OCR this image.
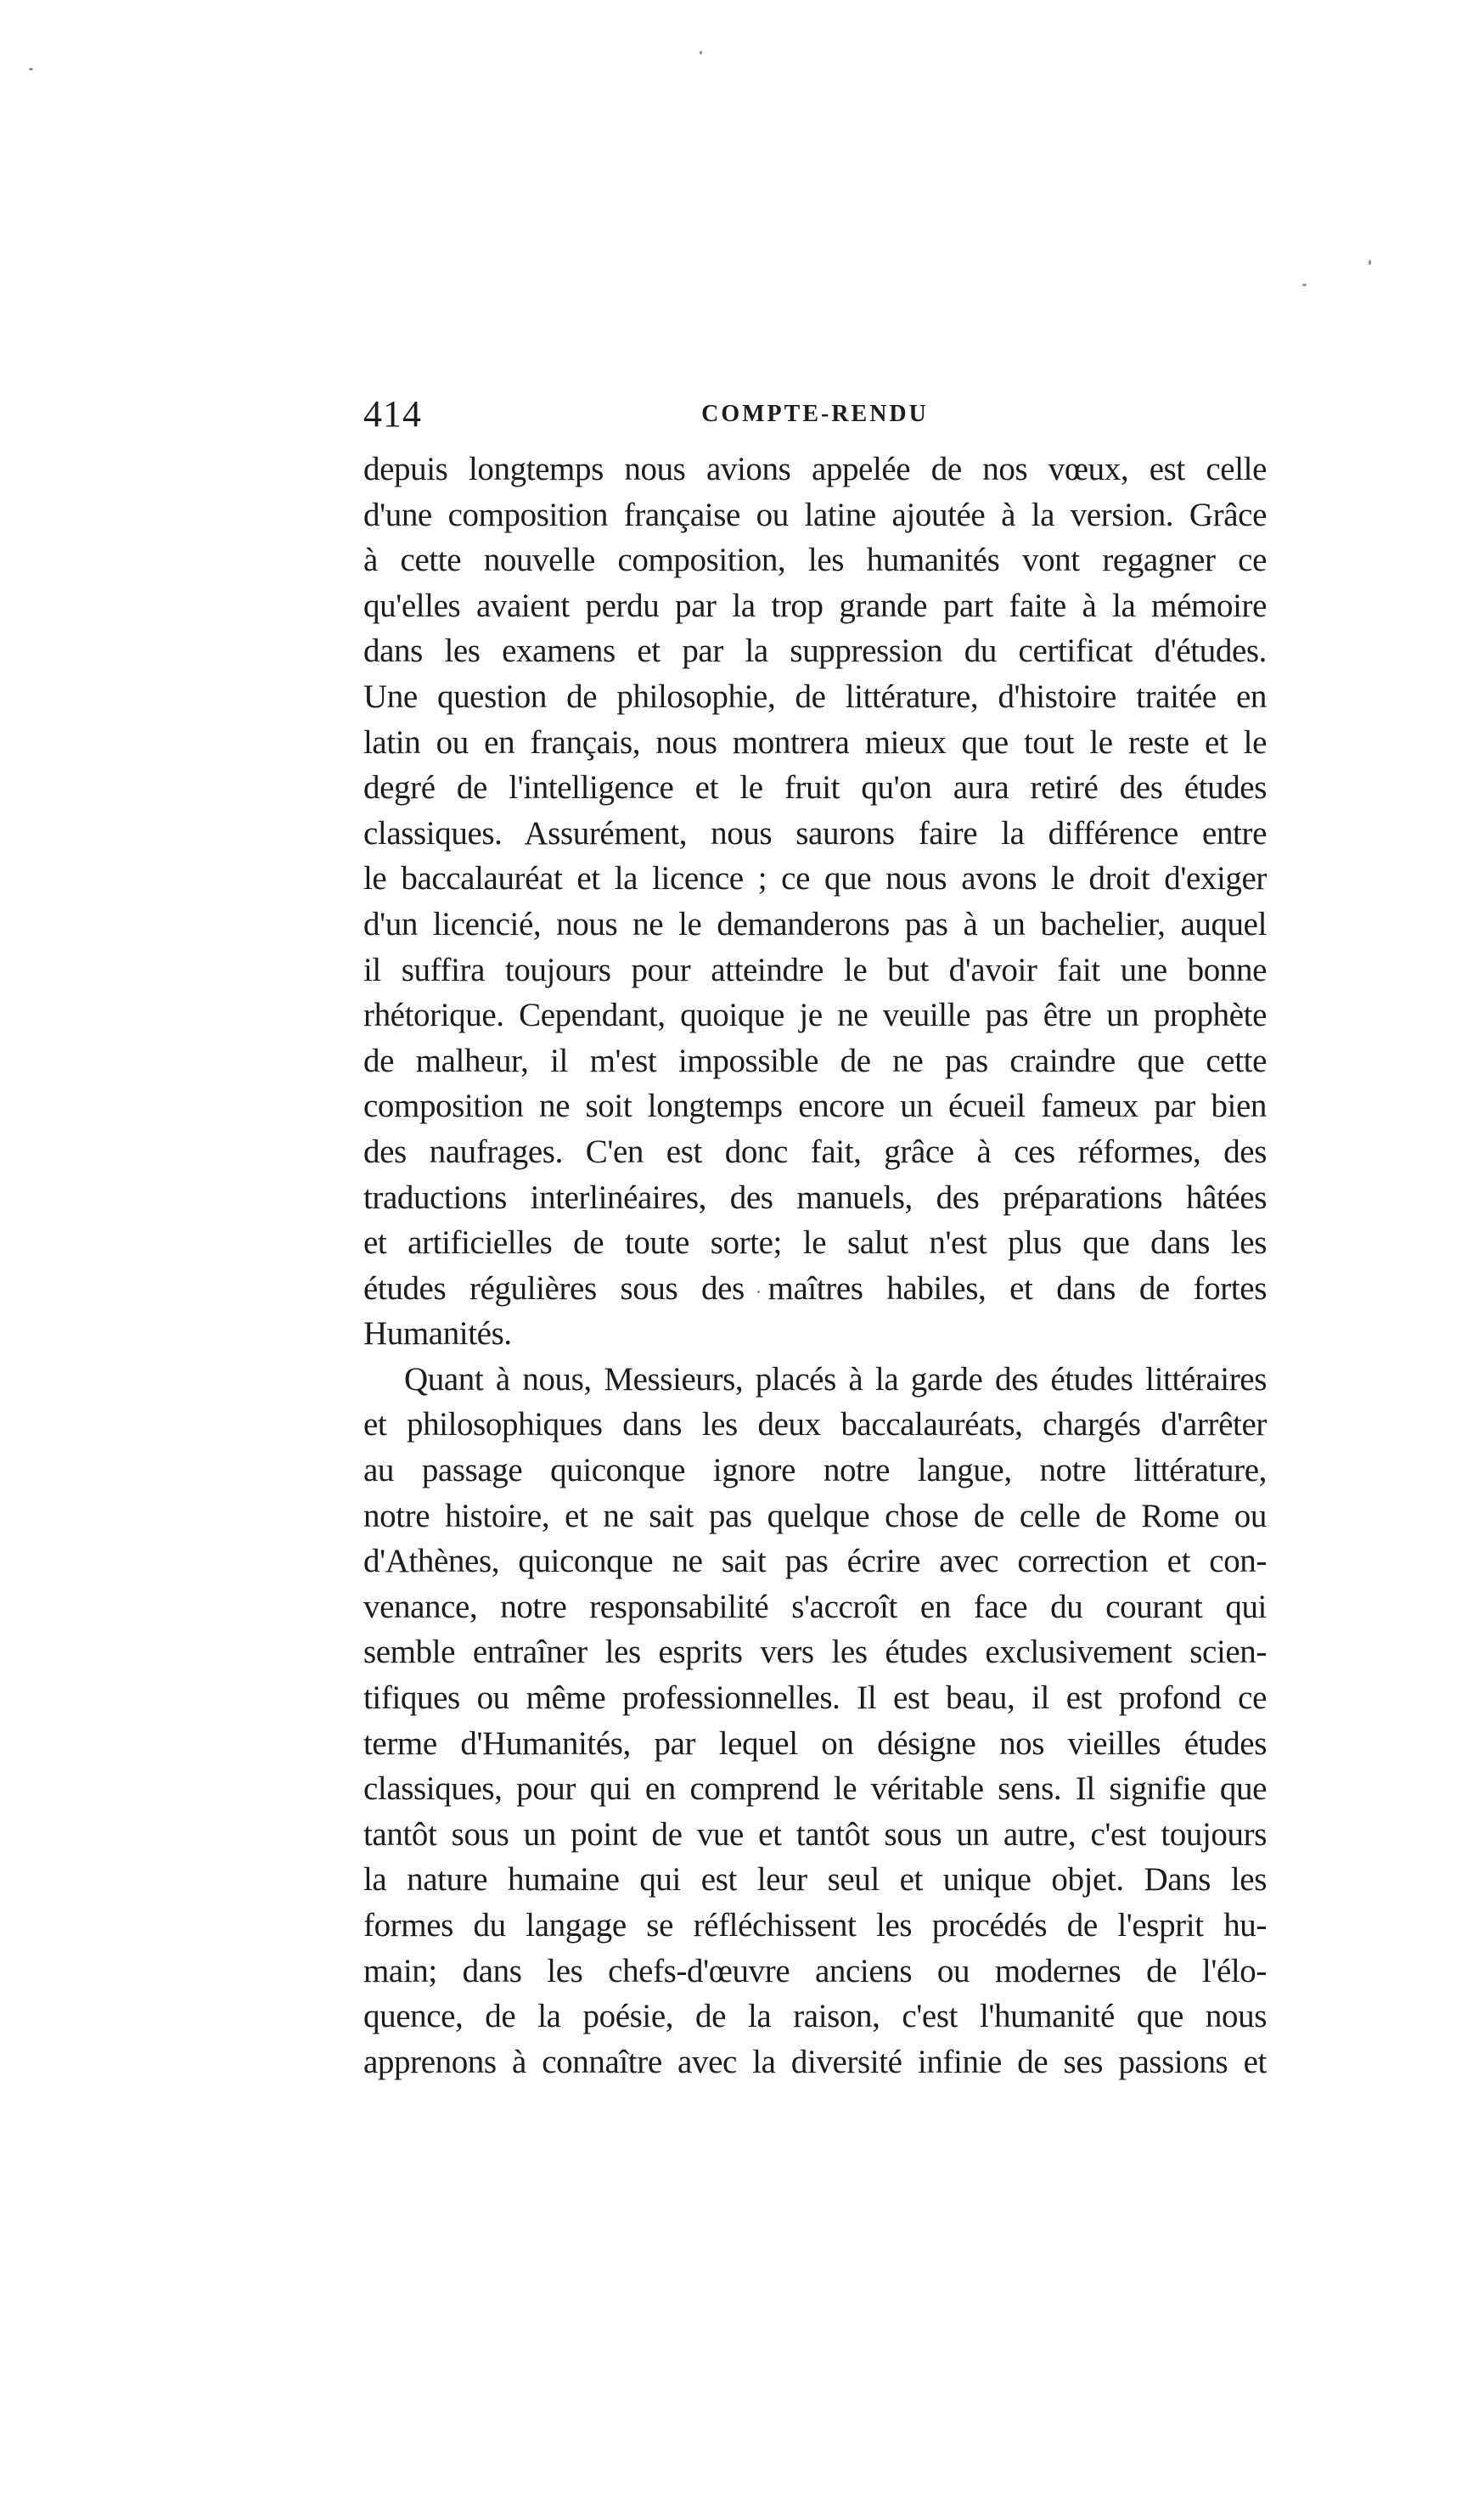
414	COMPTE-RENDU
depuis longtemps nous avions appelée de nos vœux, est celle
d'une composition française ou latine ajoutée à la version. Grâce
à cette nouvelle composition, les humanités vont regagner ce
qu'elles avaient perdu par la trop grande part faite à la mémoire
dans les examens et par la suppression du certificat d'études.
Une question de philosophie, de littérature, d'histoire traitée en
latin ou en français, nous montrera mieux que tout le reste et le
degré de l'intelligence et le fruit qu'on aura retiré des études
classiques. Assurément, nous saurons faire la différence entre
le baccalauréat et la licence ; ce que nous avons le droit d'exiger
d'un licencié, nous ne le demanderons pas à un bachelier, auquel
il suffira toujours pour atteindre le but d'avoir fait une bonne
rhétorique. Cependant, quoique je ne veuille pas être un prophète
de malheur, il m'est impossible de ne pas craindre que cette
composition ne soit longtemps encore un écueil fameux par bien
des naufrages. C'en est donc fait, grâce à ces réformes, des
traductions interlinéaires, des manuels, des préparations hâtées
et artificielles de toute sorte; le salut n'est plus que dans les
études régulières sous des maîtres habiles, et dans de fortes
Humanités.
Quant à nous, Messieurs, placés à la garde des études littéraires
et philosophiques dans les deux baccalauréats, chargés d'arrêter
au passage quiconque ignore notre langue, notre littérature,
notre histoire, et ne sait pas quelque chose de celle de Rome ou
d'Athènes, quiconque ne sait pas écrire avec correction et con-
venance, notre responsabilité s'accroît en face du courant qui
semble entraîner les esprits vers les études exclusivement scien-
tifiques ou même professionnelles. Il est beau, il est profond ce
terme d'Humanités, par lequel on désigne nos vieilles études
classiques, pour qui en comprend le véritable sens. Il signifie que
tantôt sous un point de vue et tantôt sous un autre, c'est toujours
la nature humaine qui est leur seul et unique objet. Dans les
formes du langage se réfléchissent les procédés de l'esprit hu-
main; dans les chefs-d'œuvre anciens ou modernes de l'élo-
quence, de la poésie, de la raison, c'est l'humanité que nous
apprenons à connaître avec la diversité infinie de ses passions et
